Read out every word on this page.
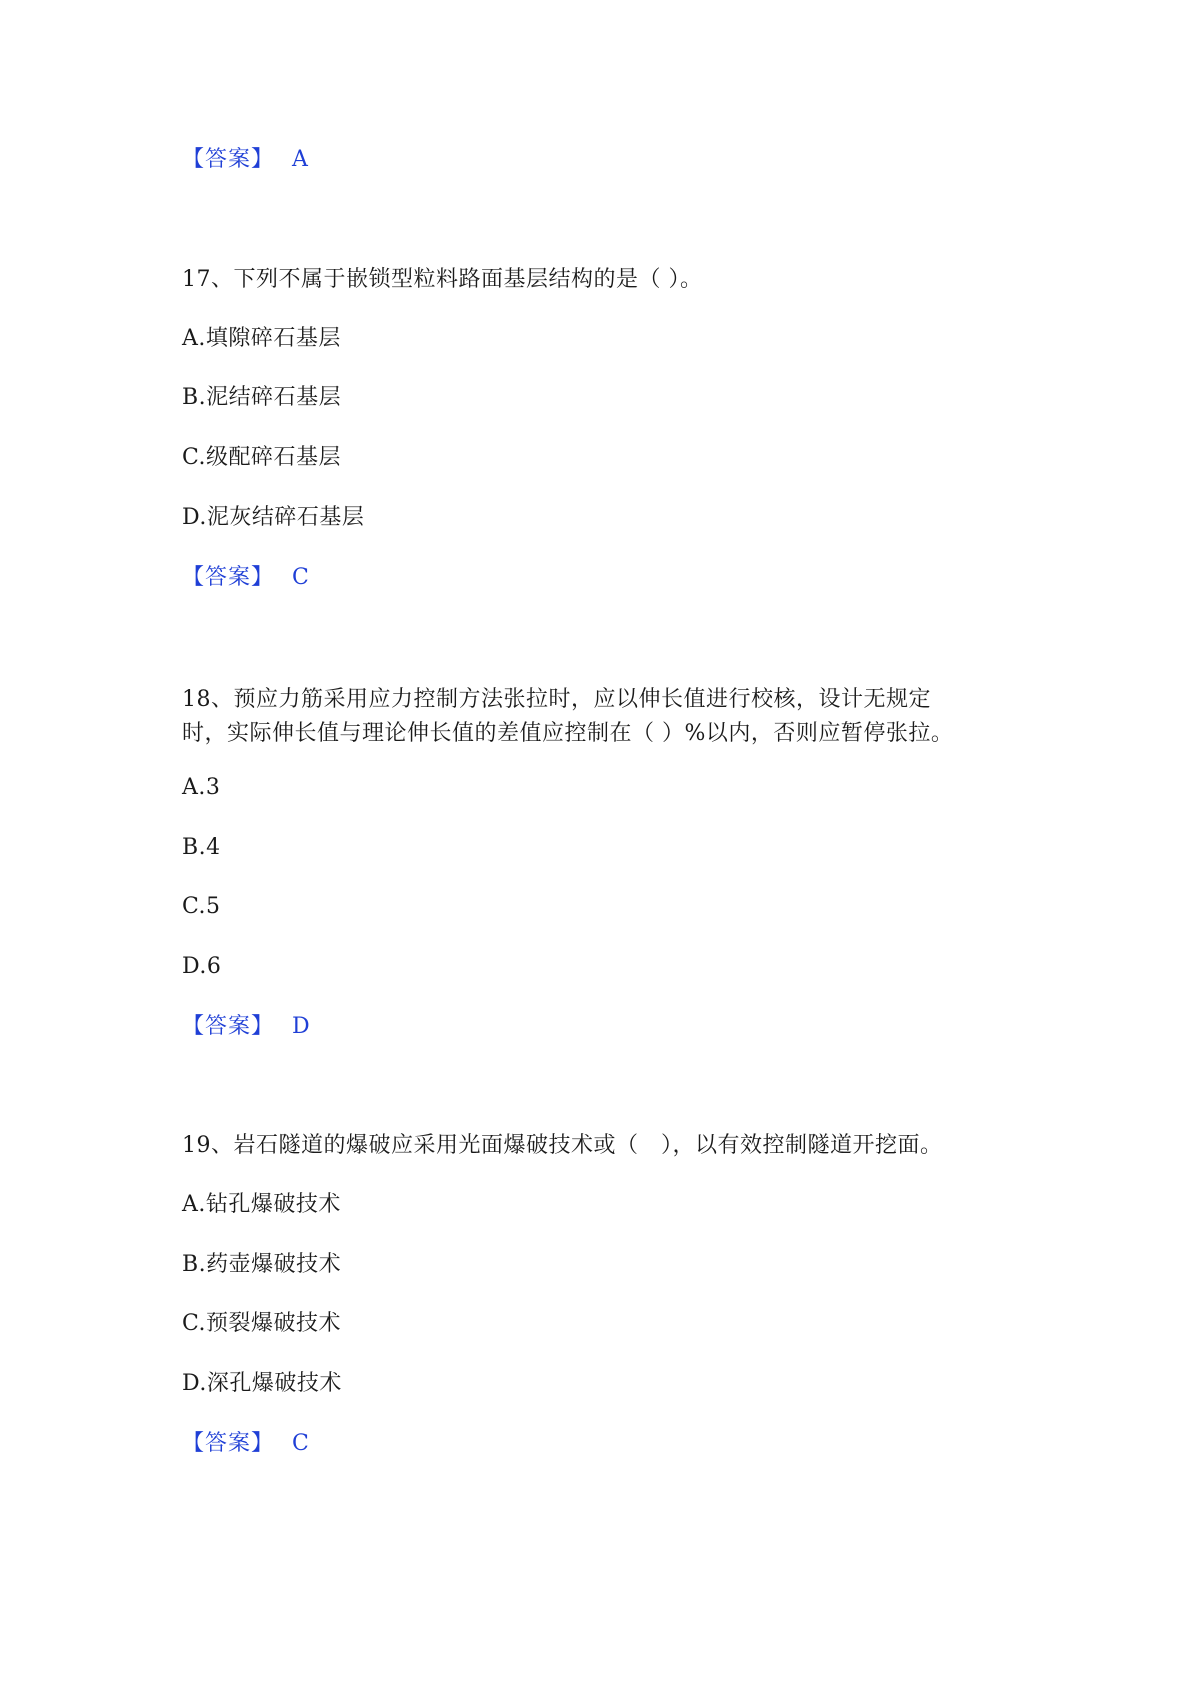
【答案】 A
17、下列不属于嵌锁型粒料路面基层结构的是（ ）。
A.填隙碎石基层
B.泥结碎石基层
C.级配碎石基层
D.泥灰结碎石基层
【答案】 C
18、预应力筋采用应力控制方法张拉时，应以伸长值进行校核，设计无规定
时，实际伸长值与理论伸长值的差值应控制在（ ）%以内，否则应暂停张拉。
A.3
B.4
C.5
D.6
【答案】 D
19、岩石隧道的爆破应采用光面爆破技术或（　），以有效控制隧道开挖面。
A.钻孔爆破技术
B.药壶爆破技术
C.预裂爆破技术
D.深孔爆破技术
【答案】 C
